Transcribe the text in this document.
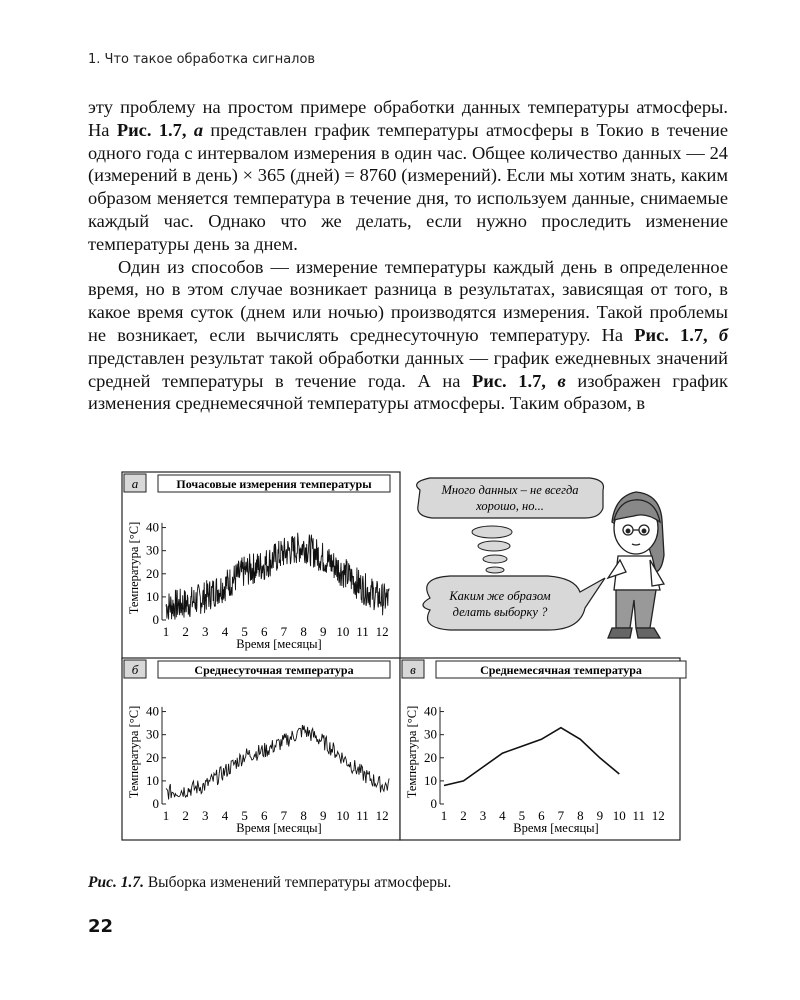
1. Что такое обработка сигналов

эту проблему на простом примере обработки данных температуры атмосферы. На Рис. 1.7, а представлен график температуры атмосферы в Токио в течение одного года с интервалом измерения в один час. Общее количество данных — 24 (измерений в день) × 365 (дней) = 8760 (измерений). Если мы хотим знать, каким образом меняется температура в течение дня, то используем данные, снимаемые каждый час. Однако что же делать, если нужно проследить изменение температуры день за днем.

Один из способов — измерение температуры каждый день в определенное время, но в этом случае возникает разница в результатах, зависящая от того, в какое время суток (днем или ночью) производятся измерения. Такой проблемы не возникает, если вычислять среднесуточную температуру. На Рис. 1.7, б представлен результат такой обработки данных — график ежедневных значений средней температуры в течение года. А на Рис. 1.7, в изображен график изменения среднемесячной температуры атмосферы. Таким образом, в

Много данных – не всегда
хорошо, но...
Каким же образом
делать выборку ?
а	Почасовые измерения температуры
0
10
20
30
40
1 2 3 4 5 6 7 8 9 10 11 12
Время [месяцы]
Температура [°C]
б	Среднесуточная температура
0
10
20
30
40
1 2 3 4 5 6 7 8 9 10 11 12
Время [месяцы]
Температура [°C]
в	Среднемесячная температура
0
10
20
30
40
1 2 3 4 5 6 7 8 9 10 11 12
Время [месяцы]
Температура [°C]
Рис. 1.7. Выборка изменений температуры атмосферы.
22
